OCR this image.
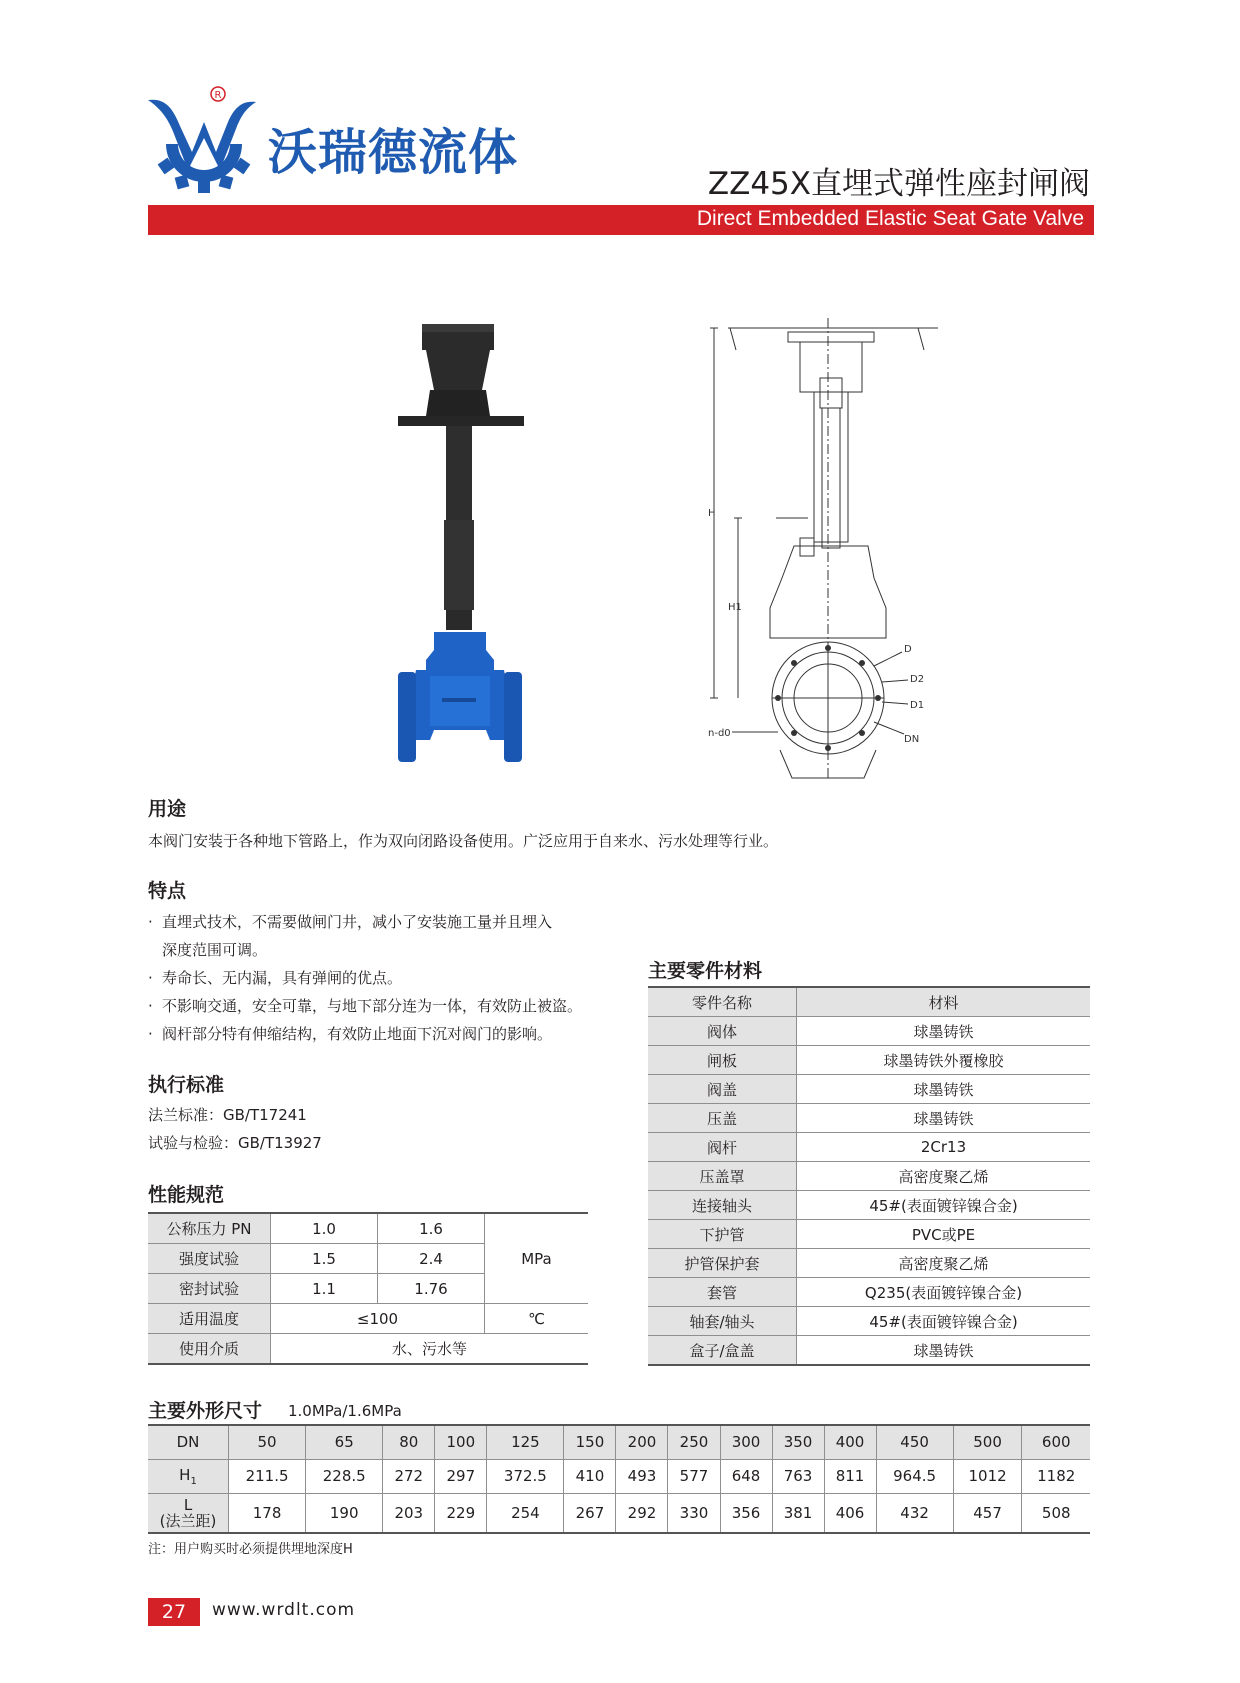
R
沃瑞德流体
ZZ45X直埋式弹性座封闸阀
Direct Embedded Elastic Seat Gate Valve
H
H1
D
D2
D1
DN
n-d0
用途
本阀门安装于各种地下管路上，作为双向闭路设备使用。广泛应用于自来水、污水处理等行业。
特点
· 直埋式技术，不需要做闸门井，减小了安装施工量并且埋入
深度范围可调。
· 寿命长、无内漏，具有弹闸的优点。
· 不影响交通，安全可靠，与地下部分连为一体，有效防止被盗。
· 阀杆部分特有伸缩结构，有效防止地面下沉对阀门的影响。
执行标准
法兰标准：GB/T17241
试验与检验：GB/T13927
性能规范
公称压力 PN	1.0	1.6	MPa
强度试验	1.5	2.4	
密封试验	1.1	1.76	
适用温度	≤100		℃
使用介质	水、污水等		
主要零件材料
零件名称	材料
阀体	球墨铸铁
闸板	球墨铸铁外覆橡胶
阀盖	球墨铸铁
压盖	球墨铸铁
阀杆	2Cr13
压盖罩	高密度聚乙烯
连接轴头	45#(表面镀锌镍合金)
下护管	PVC或PE
护管保护套	高密度聚乙烯
套管	Q235(表面镀锌镍合金)
轴套/轴头	45#(表面镀锌镍合金)
盒子/盒盖	球墨铸铁
主要外形尺寸 1.0MPa/1.6MPa
DN	50	65	80	100	125	150	200	250	300	350	400	450	500	600
$H_1$	211.5	228.5	272	297	372.5	410	493	577	648	763	811	964.5	1012	1182

L
(法兰距)	178	190	203	229	254	267	292	330	356	381	406	432	457	508
注：用户购买时必须提供埋地深度H
27	www.wrdlt.com
